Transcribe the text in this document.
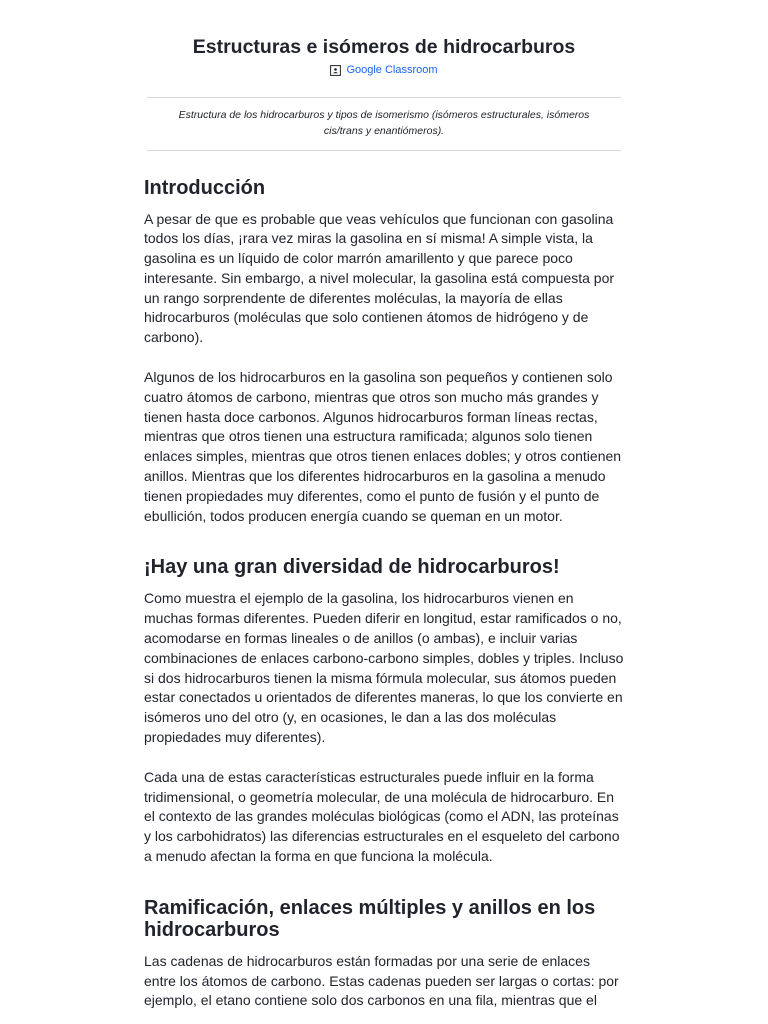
Estructuras e isómeros de hidrocarburos
Google Classroom
Estructura de los hidrocarburos y tipos de isomerismo (isómeros estructurales, isómeros cis/trans y enantiómeros).
Introducción

A pesar de que es probable que veas vehículos que funcionan con gasolina todos los días, ¡rara vez miras la gasolina en sí misma! A simple vista, la gasolina es un líquido de color marrón amarillento y que parece poco interesante. Sin embargo, a nivel molecular, la gasolina está compuesta por un rango sorprendente de diferentes moléculas, la mayoría de ellas hidrocarburos (moléculas que solo contienen átomos de hidrógeno y de carbono).

Algunos de los hidrocarburos en la gasolina son pequeños y contienen solo cuatro átomos de carbono, mientras que otros son mucho más grandes y tienen hasta doce carbonos. Algunos hidrocarburos forman líneas rectas, mientras que otros tienen una estructura ramificada; algunos solo tienen enlaces simples, mientras que otros tienen enlaces dobles; y otros contienen anillos. Mientras que los diferentes hidrocarburos en la gasolina a menudo tienen propiedades muy diferentes, como el punto de fusión y el punto de ebullición, todos producen energía cuando se queman en un motor.

¡Hay una gran diversidad de hidrocarburos!

Como muestra el ejemplo de la gasolina, los hidrocarburos vienen en muchas formas diferentes. Pueden diferir en longitud, estar ramificados o no, acomodarse en formas lineales o de anillos (o ambas), e incluir varias combinaciones de enlaces carbono-carbono simples, dobles y triples. Incluso si dos hidrocarburos tienen la misma fórmula molecular, sus átomos pueden estar conectados u orientados de diferentes maneras, lo que los convierte en isómeros uno del otro (y, en ocasiones, le dan a las dos moléculas propiedades muy diferentes).

Cada una de estas características estructurales puede influir en la forma tridimensional, o geometría molecular, de una molécula de hidrocarburo. En el contexto de las grandes moléculas biológicas (como el ADN, las proteínas y los carbohidratos) las diferencias estructurales en el esqueleto del carbono a menudo afectan la forma en que funciona la molécula.

Ramificación, enlaces múltiples y anillos en los hidrocarburos

Las cadenas de hidrocarburos están formadas por una serie de enlaces entre los átomos de carbono. Estas cadenas pueden ser largas o cortas: por ejemplo, el etano contiene solo dos carbonos en una fila, mientras que el
